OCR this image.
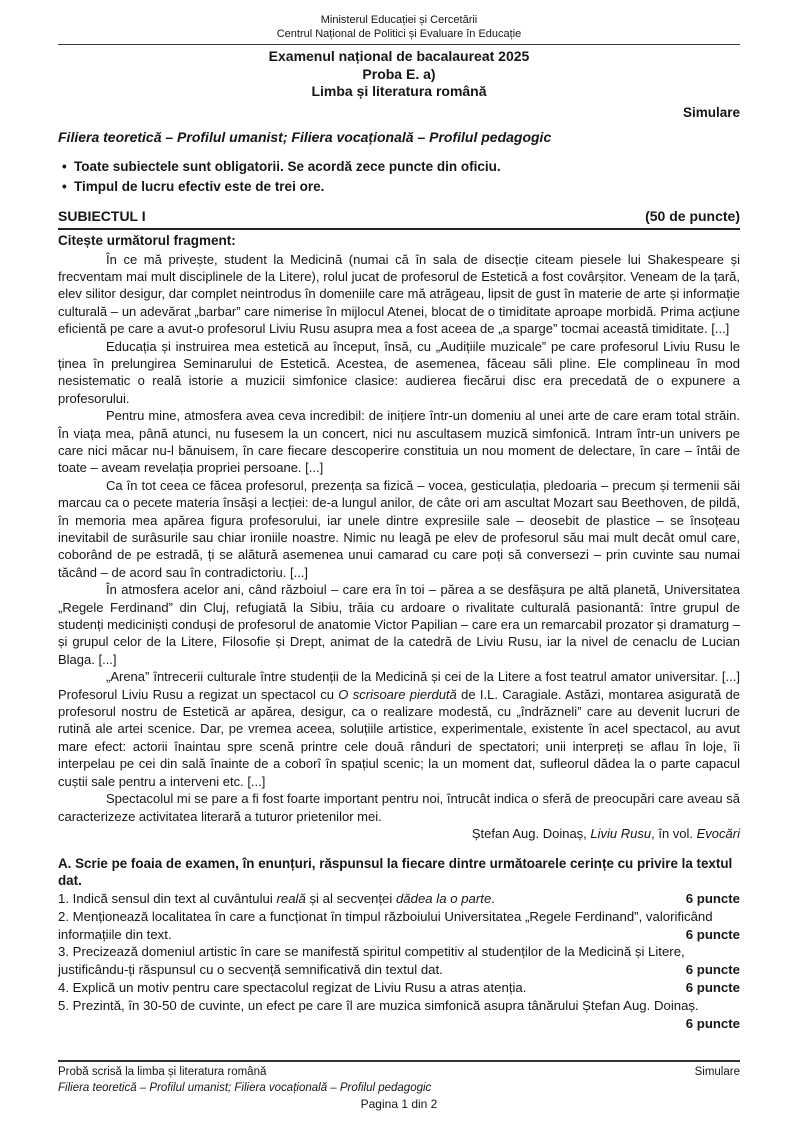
Ministerul Educației și Cercetării
Centrul Național de Politici și Evaluare în Educație
Examenul național de bacalaureat 2025
Proba E. a)
Limba și literatura română
Simulare
Filiera teoretică – Profilul umanist; Filiera vocațională – Profilul pedagogic
• Toate subiectele sunt obligatorii. Se acordă zece puncte din oficiu.
• Timpul de lucru efectiv este de trei ore.
SUBIECTUL I	(50 de puncte)
Citește următorul fragment:

În ce mă privește, student la Medicină (numai că în sala de disecție citeam piesele lui Shakespeare și frecventam mai mult disciplinele de la Litere), rolul jucat de profesorul de Estetică a fost covârșitor. Veneam de la țară, elev silitor desigur, dar complet neintrodus în domeniile care mă atrăgeau, lipsit de gust în materie de arte și informație culturală – un adevărat „barbar” care nimerise în mijlocul Atenei, blocat de o timiditate aproape morbidă. Prima acțiune eficientă pe care a avut-o profesorul Liviu Rusu asupra mea a fost aceea de „a sparge” tocmai această timiditate. [...]

Educația și instruirea mea estetică au început, însă, cu „Audițiile muzicale” pe care profesorul Liviu Rusu le ținea în prelungirea Seminarului de Estetică. Acestea, de asemenea, făceau săli pline. Ele complineau în mod nesistematic o reală istorie a muzicii simfonice clasice: audierea fiecărui disc era precedată de o expunere a profesorului.

Pentru mine, atmosfera avea ceva incredibil: de inițiere într-un domeniu al unei arte de care eram total străin. În viața mea, până atunci, nu fusesem la un concert, nici nu ascultasem muzică simfonică. Intram într-un univers pe care nici măcar nu-l bănuisem, în care fiecare descoperire constituia un nou moment de delectare, în care – întâi de toate – aveam revelația propriei persoane. [...]

Ca în tot ceea ce făcea profesorul, prezența sa fizică – vocea, gesticulația, pledoaria – precum și termenii săi marcau ca o pecete materia însăși a lecției: de-a lungul anilor, de câte ori am ascultat Mozart sau Beethoven, de pildă, în memoria mea apărea figura profesorului, iar unele dintre expresiile sale – deosebit de plastice – se însoțeau inevitabil de surâsurile sau chiar ironiile noastre. Nimic nu leagă pe elev de profesorul său mai mult decât omul care, coborând de pe estradă, ți se alătură asemenea unui camarad cu care poți să conversezi – prin cuvinte sau numai tăcând – de acord sau în contradictoriu. [...]

În atmosfera acelor ani, când războiul – care era în toi – părea a se desfășura pe altă planetă, Universitatea „Regele Ferdinand” din Cluj, refugiată la Sibiu, trăia cu ardoare o rivalitate culturală pasionantă: între grupul de studenți mediciniști conduși de profesorul de anatomie Victor Papilian – care era un remarcabil prozator și dramaturg – și grupul celor de la Litere, Filosofie și Drept, animat de la catedră de Liviu Rusu, iar la nivel de cenaclu de Lucian Blaga. [...]

„Arena” întrecerii culturale între studenții de la Medicină și cei de la Litere a fost teatrul amator universitar. [...] Profesorul Liviu Rusu a regizat un spectacol cu O scrisoare pierdută de I.L. Caragiale. Astăzi, montarea asigurată de profesorul nostru de Estetică ar apărea, desigur, ca o realizare modestă, cu „îndrăzneli” care au devenit lucruri de rutină ale artei scenice. Dar, pe vremea aceea, soluțiile artistice, experimentale, existente în acel spectacol, au avut mare efect: actorii înaintau spre scenă printre cele două rânduri de spectatori; unii interpreți se aflau în loje, îi interpelau pe cei din sală înainte de a coborî în spațiul scenic; la un moment dat, sufleorul dădea la o parte capacul cuștii sale pentru a interveni etc. [...]

Spectacolul mi se pare a fi fost foarte important pentru noi, întrucât indica o sferă de preocupări care aveau să caracterizeze activitatea literară a tuturor prietenilor mei.

Ștefan Aug. Doinaș, Liviu Rusu, în vol. Evocări

A. Scrie pe foaia de examen, în enunțuri, răspunsul la fiecare dintre următoarele cerințe cu privire la textul dat.

1. Indică sensul din text al cuvântului reală și al secvenței dădea la o parte.	6 puncte
2. Menționează localitatea în care a funcționat în timpul războiului Universitatea „Regele Ferdinand”, valorificând informațiile din text.	6 puncte
3. Precizează domeniul artistic în care se manifestă spiritul competitiv al studenților de la Medicină și Litere, justificându-ți răspunsul cu o secvență semnificativă din textul dat.	6 puncte
4. Explică un motiv pentru care spectacolul regizat de Liviu Rusu a atras atenția.	6 puncte
5. Prezintă, în 30-50 de cuvinte, un efect pe care îl are muzica simfonică asupra tânărului Ștefan Aug. Doinaș.
6 puncte
Probă scrisă la limba și literatura română	Simulare
Filiera teoretică – Profilul umanist; Filiera vocațională – Profilul pedagogic
Pagina 1 din 2
